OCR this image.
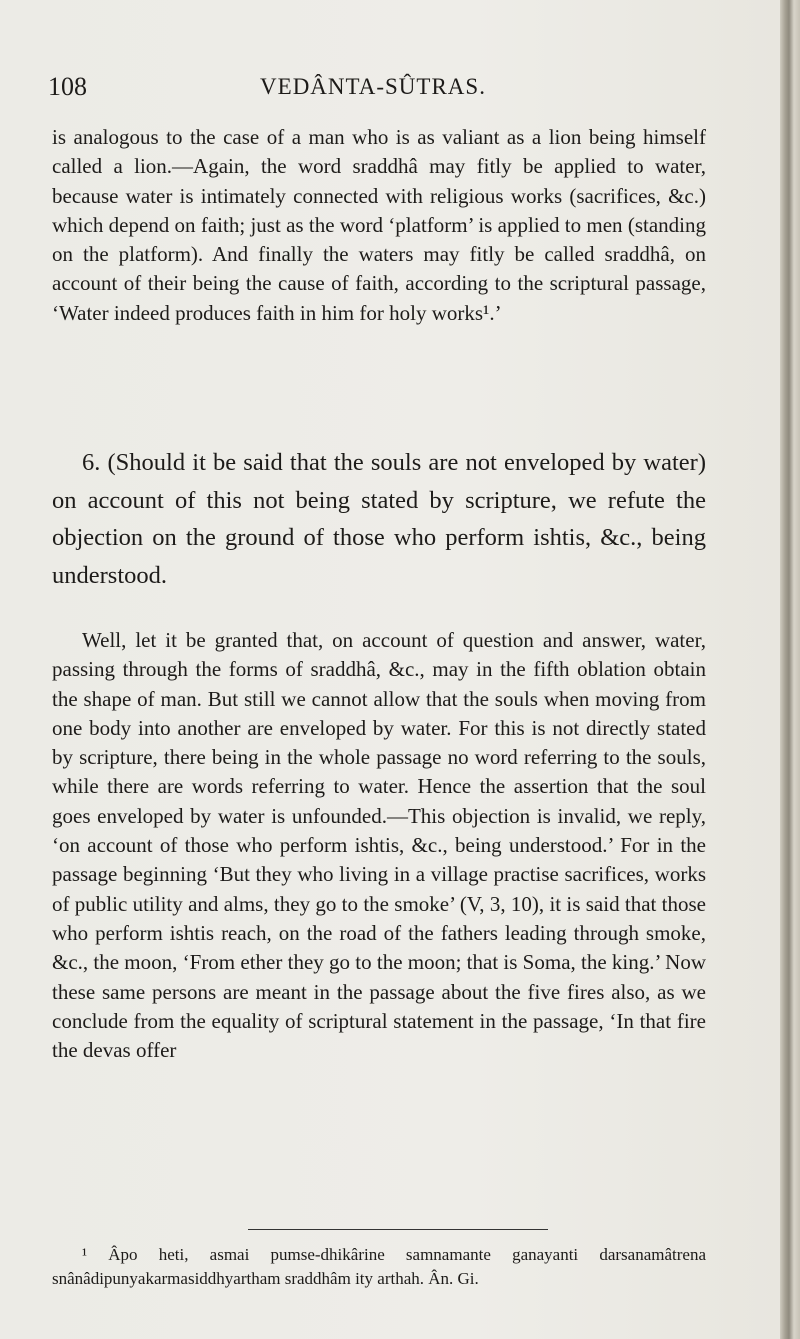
108	VEDÂNTA-SÛTRAS.

is analogous to the case of a man who is as valiant as a lion being himself called a lion.—Again, the word sraddhâ may fitly be applied to water, because water is intimately connected with religious works (sacrifices, &c.) which depend on faith; just as the word ‘platform’ is applied to men (standing on the platform). And finally the waters may fitly be called sraddhâ, on account of their being the cause of faith, according to the scriptural passage, ‘Water indeed produces faith in him for holy works¹.’

6. (Should it be said that the souls are not enveloped by water) on account of this not being stated by scripture, we refute the objection on the ground of those who perform ishtis, &c., being understood.

Well, let it be granted that, on account of question and answer, water, passing through the forms of sraddhâ, &c., may in the fifth oblation obtain the shape of man. But still we cannot allow that the souls when moving from one body into another are enveloped by water. For this is not directly stated by scripture, there being in the whole passage no word referring to the souls, while there are words referring to water. Hence the assertion that the soul goes enveloped by water is unfounded.—This objection is invalid, we reply, ‘on account of those who perform ishtis, &c., being understood.’ For in the passage beginning ‘But they who living in a village practise sacrifices, works of public utility and alms, they go to the smoke’ (V, 3, 10), it is said that those who perform ishtis reach, on the road of the fathers leading through smoke, &c., the moon, ‘From ether they go to the moon; that is Soma, the king.’ Now these same persons are meant in the passage about the five fires also, as we conclude from the equality of scriptural statement in the passage, ‘In that fire the devas offer

¹ Âpo heti, asmai pumse-dhikârine samnamante ganayanti darsanamâtrena snânâdipunyakarmasiddhyartham sraddhâm ity arthah. Ân. Gi.
